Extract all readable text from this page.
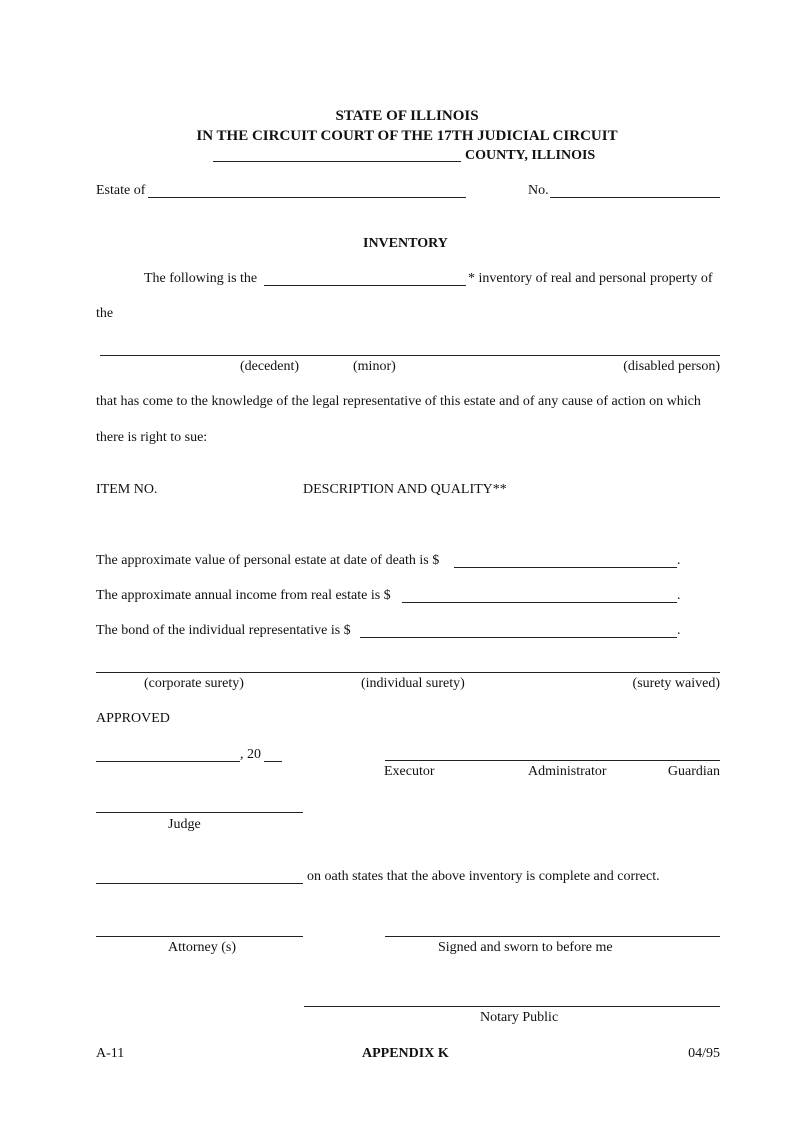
STATE OF ILLINOIS
IN THE CIRCUIT COURT OF THE 17TH JUDICIAL CIRCUIT
COUNTY, ILLINOIS
Estate of	No.
INVENTORY
The following is the	* inventory of real and personal property of
the
(decedent)	(minor)	(disabled person)
that has come to the knowledge of the legal representative of this estate and of any cause of action on which
there is right to sue:
ITEM NO.	DESCRIPTION AND QUALITY**
The approximate value of personal estate at date of death is $	.
The approximate annual income from real estate is $	.
The bond of the individual representative is $	.
(corporate surety)	(individual surety)	(surety waived)
APPROVED
, 20
Executor	Administrator	Guardian
Judge
on oath states that the above inventory is complete and correct.
Attorney (s)	Signed and sworn to before me
Notary Public
A-11	APPENDIX K	04/95
